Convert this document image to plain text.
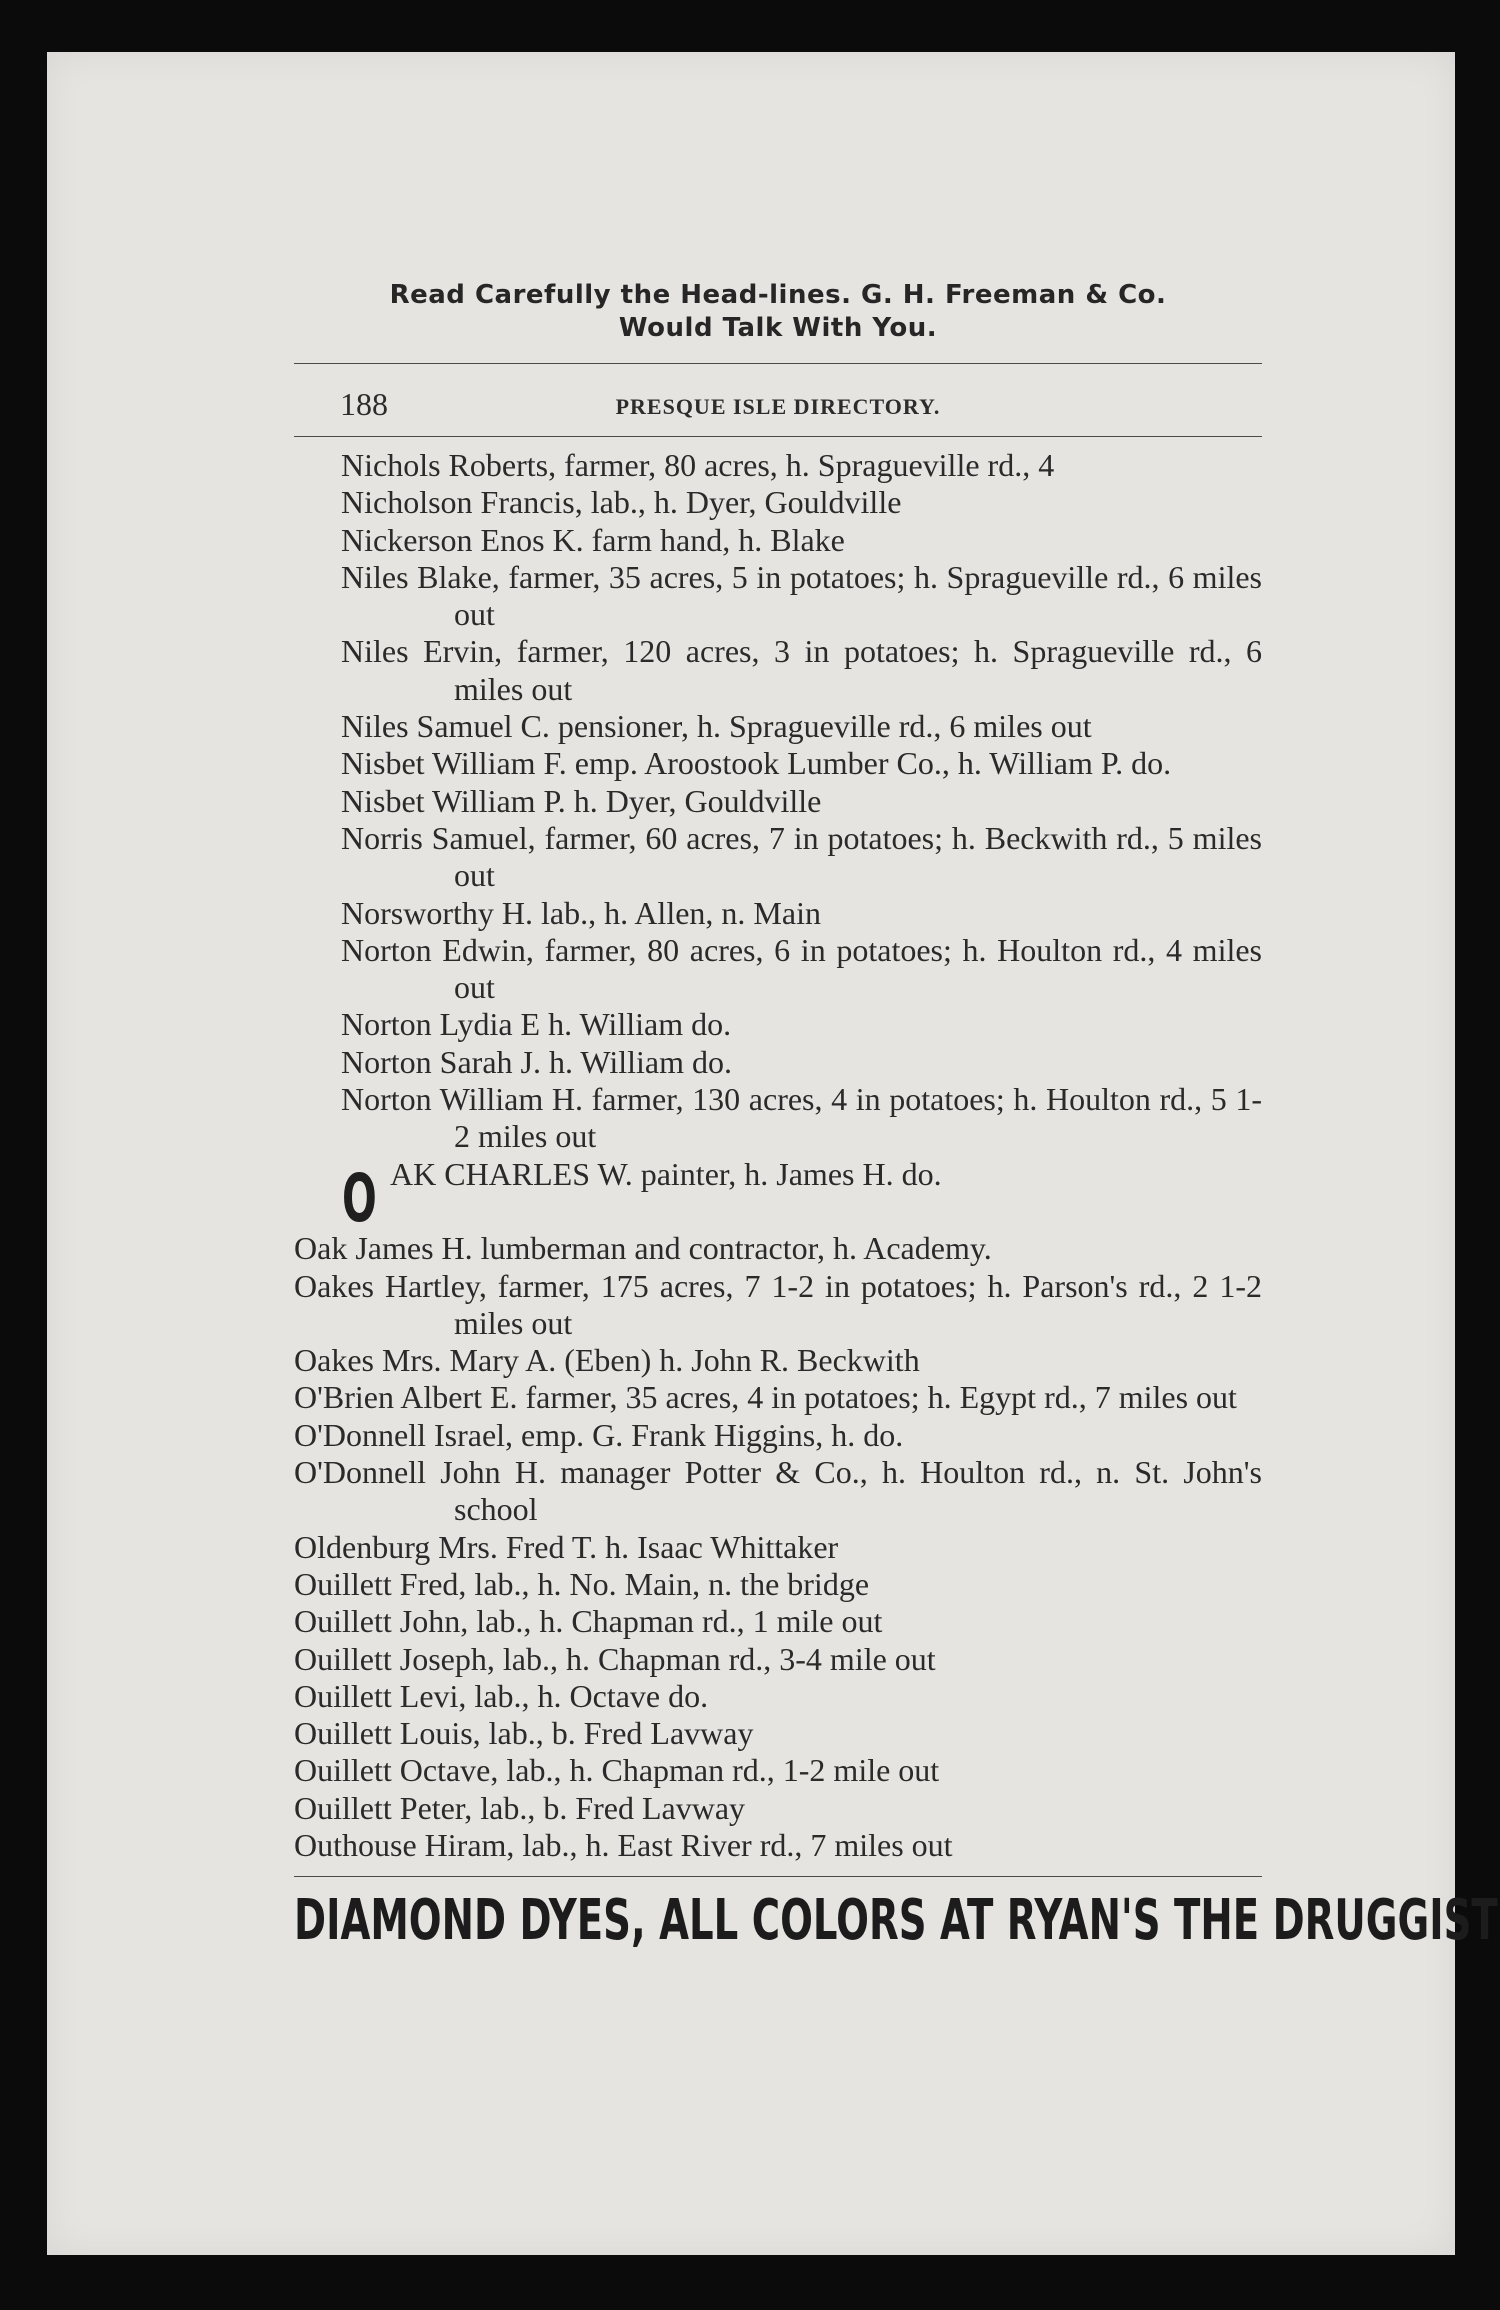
Read Carefully the Head-lines. G. H. Freeman & Co.
Would Talk With You.
188	PRESQUE ISLE DIRECTORY.
Nichols Roberts, farmer, 80 acres, h. Spragueville rd., 4
Nicholson Francis, lab., h. Dyer, Gouldville
Nickerson Enos K. farm hand, h. Blake
Niles Blake, farmer, 35 acres, 5 in potatoes; h. Spragueville rd., 6 miles out
Niles Ervin, farmer, 120 acres, 3 in potatoes; h. Spragueville rd., 6 miles out
Niles Samuel C. pensioner, h. Spragueville rd., 6 miles out
Nisbet William F. emp. Aroostook Lumber Co., h. William P. do.
Nisbet William P. h. Dyer, Gouldville
Norris Samuel, farmer, 60 acres, 7 in potatoes; h. Beckwith rd., 5 miles out
Norsworthy H. lab., h. Allen, n. Main
Norton Edwin, farmer, 80 acres, 6 in potatoes; h. Houlton rd., 4 miles out
Norton Lydia E h. William do.
Norton Sarah J. h. William do.
Norton William H. farmer, 130 acres, 4 in potatoes; h. Houlton rd., 5 1-2 miles out
O AK CHARLES W. painter, h. James H. do.
Oak James H. lumberman and contractor, h. Academy.
Oakes Hartley, farmer, 175 acres, 7 1-2 in potatoes; h. Parson's rd., 2 1-2 miles out
Oakes Mrs. Mary A. (Eben) h. John R. Beckwith
O'Brien Albert E. farmer, 35 acres, 4 in potatoes; h. Egypt rd., 7 miles out
O'Donnell Israel, emp. G. Frank Higgins, h. do.
O'Donnell John H. manager Potter & Co., h. Houlton rd., n. St. John's school
Oldenburg Mrs. Fred T. h. Isaac Whittaker
Ouillett Fred, lab., h. No. Main, n. the bridge
Ouillett John, lab., h. Chapman rd., 1 mile out
Ouillett Joseph, lab., h. Chapman rd., 3-4 mile out
Ouillett Levi, lab., h. Octave do.
Ouillett Louis, lab., b. Fred Lavway
Ouillett Octave, lab., h. Chapman rd., 1-2 mile out
Ouillett Peter, lab., b. Fred Lavway
Outhouse Hiram, lab., h. East River rd., 7 miles out
DIAMOND DYES, ALL COLORS AT RYAN'S THE DRUGGIST
